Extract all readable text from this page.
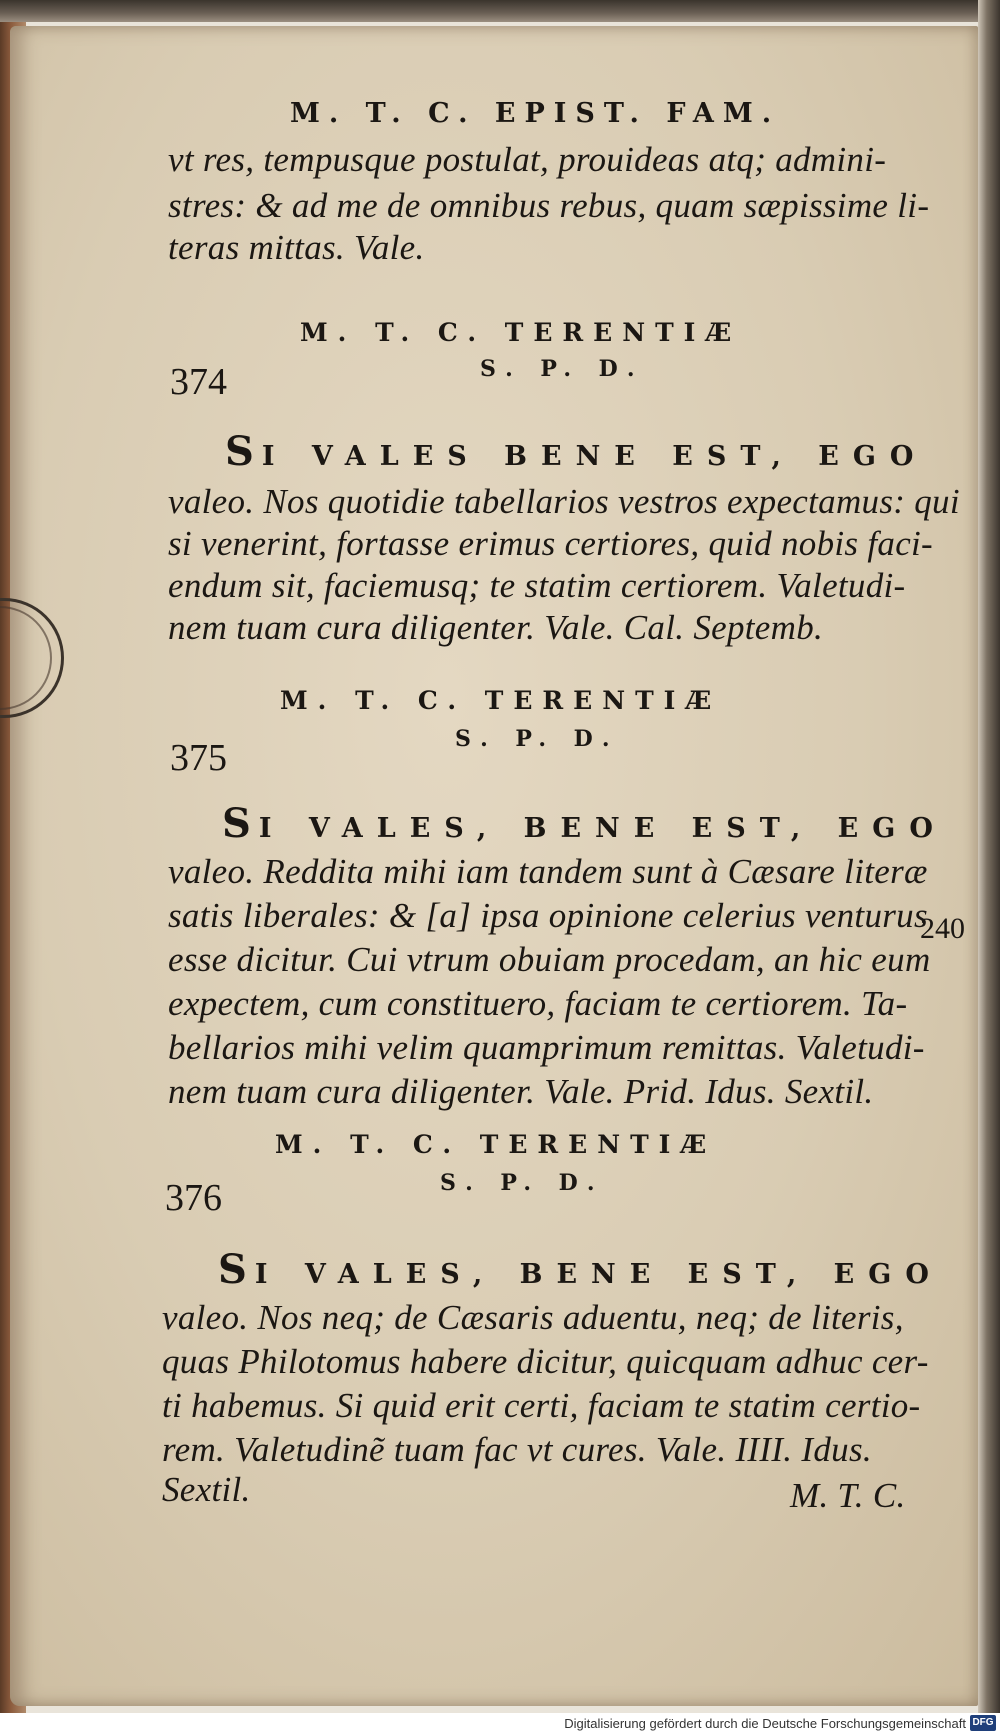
M. T. C. EPIST. FAM.
vt res, tempusque postulat, prouideas atq; admini-
stres: & ad me de omnibus rebus, quam sæpissime li-
teras mittas. Vale.
M. T. C. TERENTIÆ
374	S. P. D.
SI VALES BENE EST, EGO
valeo. Nos quotidie tabellarios vestros expectamus: qui
si venerint, fortasse erimus certiores, quid nobis faci-
endum sit, faciemusq; te statim certiorem. Valetudi-
nem tuam cura diligenter. Vale. Cal. Septemb.
M. T. C. TERENTIÆ
375	S. P. D.
SI VALES, BENE EST, EGO
valeo. Reddita mihi iam tandem sunt à Cæsare literæ
satis liberales: & [a] ipsa opinione celerius venturus
esse dicitur. Cui vtrum obuiam procedam, an hic eum
expectem, cum constituero, faciam te certiorem. Ta-
bellarios mihi velim quamprimum remittas. Valetudi-
nem tuam cura diligenter. Vale. Prid. Idus. Sextil.
240
M. T. C. TERENTIÆ
376	S. P. D.
SI VALES, BENE EST, EGO
valeo. Nos neq; de Cæsaris aduentu, neq; de literis,
quas Philotomus habere dicitur, quicquam adhuc cer-
ti habemus. Si quid erit certi, faciam te statim certio-
rem. Valetudinẽ tuam fac vt cures. Vale. IIII. Idus.
Sextil.	M. T. C.
Digitalisierung gefördert durch die Deutsche Forschungsgemeinschaft DFG
